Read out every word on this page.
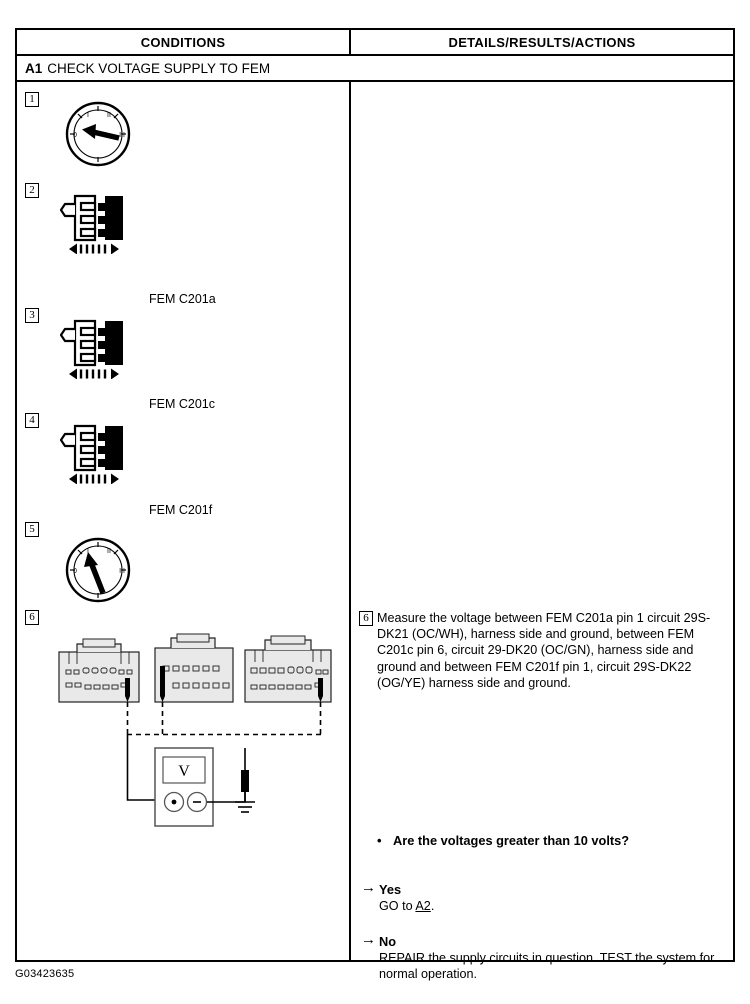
CONDITIONS	DETAILS/RESULTS/ACTIONS
A1 CHECK VOLTAGE SUPPLY TO FEM
1
I	II
0	III
2
FEM C201a
3
FEM C201c
4
FEM C201f
5
I	II
0	III
6
V
6 Measure the voltage between FEM C201a pin 1 circuit 29S-DK21 (OC/WH), harness side and ground, between FEM C201c pin 6, circuit 29-DK20 (OC/GN), harness side and ground and between FEM C201f pin 1, circuit 29S-DK22 (OG/YE) harness side and ground.
• Are the voltages greater than 10 volts?
→ Yes
GO to A2.
→ No
REPAIR the supply circuits in question. TEST the system for normal operation.
G03423635
